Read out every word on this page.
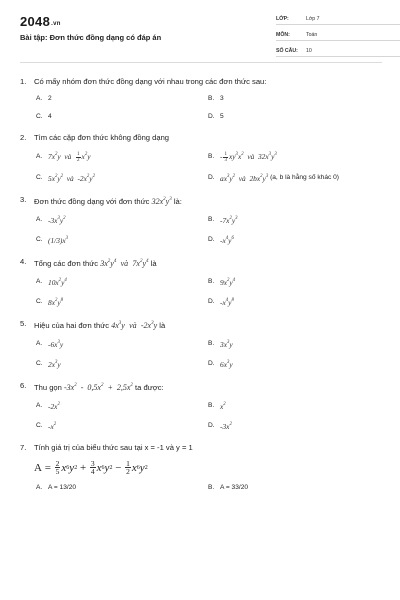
2048.vn
Bài tập: Đơn thức đồng dạng có đáp án
LỚP:	Lớp 7
MÔN:	Toán
SỐ CÂU:	10
1.	Có mấy nhóm đơn thức đồng dạng với nhau trong các đơn thức sau:
A. 2	B. 3
C. 4	D. 5
2.	Tìm các cặp đơn thức không đồng dạng
A. $7x^2y$  và $\frac{1}{2} x^2y$	B. - $\frac{1}{3} xy^3x^2$  và  $32x^3y^3$
C. $5x^2y^2$  và  $-2x^2y^2$	D. $ax^3y^2$  và  $2bx^2y^3$
(a, b là hằng số khác 0)
3.	Đơn thức đồng dạng với đơn thức $32x^2y^3$ là:
A. $-3x^3y^2$	B. $-7x^2y^3$
C. $(1/3)x^3$	D. $-x^4y^6$
4.	Tổng các đơn thức $3x^2y^4$ và $7x^2y^4$ là
A. $10x^2y^4$	B. $9x^2y^4$
C. $8x^2y^8$	D. $-x^4y^8$
5.	Hiệu của hai đơn thức $4x^3y$ và $-2x^3y$ là
A. $-6x^3y$	B. $3x^3y$
C. $2x^3y$	D. $6x^3y$
6.	Thu gọn $-3x^2 - 0,5x^2 + 2,5x^2$ ta được:
A. $-2x^2$	B. $x^2$
C. $-x^2$	D. $-3x^2$
7.	Tính giá trị của biểu thức sau tại x = -1 và y = 1
$A = \frac{2}{5}$ x 6 y $2 + \frac{3}{4}$ x 6 y $2 - \frac{1}{2}$ x 6 y 2
A. A = 13/20	B. A = 33/20
